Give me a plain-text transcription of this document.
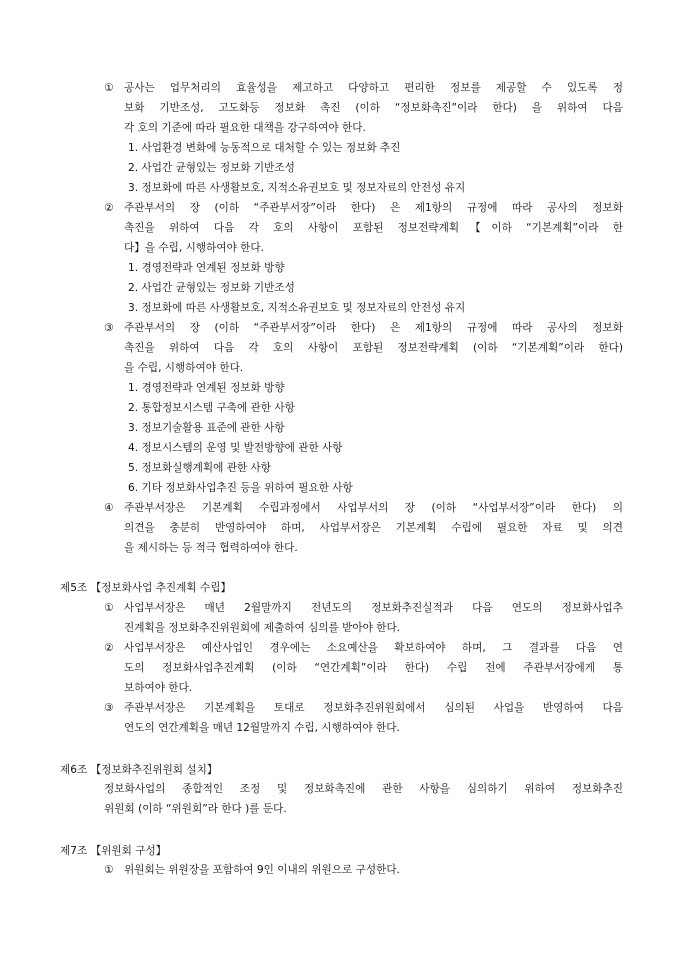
① 공사는 업무처리의 효율성을 제고하고 다양하고 편리한 정보를 제공할 수 있도록 정
보화 기반조성, 고도화등 정보화 촉진 (이하 “정보화촉진”이라 한다) 을 위하여 다음
각 호의 기준에 따라 필요한 대책을 강구하여야 한다.
1. 사업환경 변화에 능동적으로 대처할 수 있는 정보화 추진
2. 사업간 균형있는 정보화 기반조성
3. 정보화에 따른 사생활보호, 지적소유권보호 및 정보자료의 안전성 유지
② 주관부서의 장 (이하 “주관부서장”이라 한다) 은 제1항의 규정에 따라 공사의 정보화
촉진을 위하여 다음 각 호의 사항이 포함된 정보전략계획【이하 “기본계획”이라 한
다】을 수립, 시행하여야 한다.
1. 경영전략과 연계된 정보화 방향
2. 사업간 균형있는 정보화 기반조성
3. 정보화에 따른 사생활보호, 지적소유권보호 및 정보자료의 안전성 유지
③ 주관부서의 장 (이하 “주관부서장”이라 한다) 은 제1항의 규정에 따라 공사의 정보화
촉진을 위하여 다음 각 호의 사항이 포함된 정보전략계획 (이하 “기본계획”이라 한다)
을 수립, 시행하여야 한다.
1. 경영전략과 연계된 정보화 방향
2. 통합정보시스템 구축에 관한 사항
3. 정보기술활용 표준에 관한 사항
4. 정보시스템의 운영 및 발전방향에 관한 사항
5. 정보화실행계획에 관한 사항
6. 기타 정보화사업추진 등을 위하여 필요한 사항
④ 주관부서장은 기본계획 수립과정에서 사업부서의 장 (이하 “사업부서장”이라 한다) 의
의견을 충분히 반영하여야 하며, 사업부서장은 기본계획 수립에 필요한 자료 및 의견
을 제시하는 등 적극 협력하여야 한다.
제5조 【정보화사업 추진계획 수립】
① 사업부서장은 매년 2월말까지 전년도의 정보화추진실적과 다음 연도의 정보화사업추
진계획을 정보화추진위원회에 제출하여 심의를 받아야 한다.
② 사업부서장은 예산사업인 경우에는 소요예산을 확보하여야 하며, 그 결과를 다음 연
도의 정보화사업추진계획 (이하 “연간계획”이라 한다) 수립 전에 주관부서장에게 통
보하여야 한다.
③ 주관부서장은 기본계획을 토대로 정보화추진위원회에서 심의된 사업을 반영하여 다음
연도의 연간계획을 매년 12월말까지 수립, 시행하여야 한다.
제6조 【정보화추진위원회 설치】
정보화사업의 종합적인 조정 및 정보화촉진에 관한 사항을 심의하기 위하여 정보화추진
위원회 (이하 “위원회”라 한다 )를 둔다.
제7조 【위원회 구성】
① 위원회는 위원장을 포함하여 9인 이내의 위원으로 구성한다.
